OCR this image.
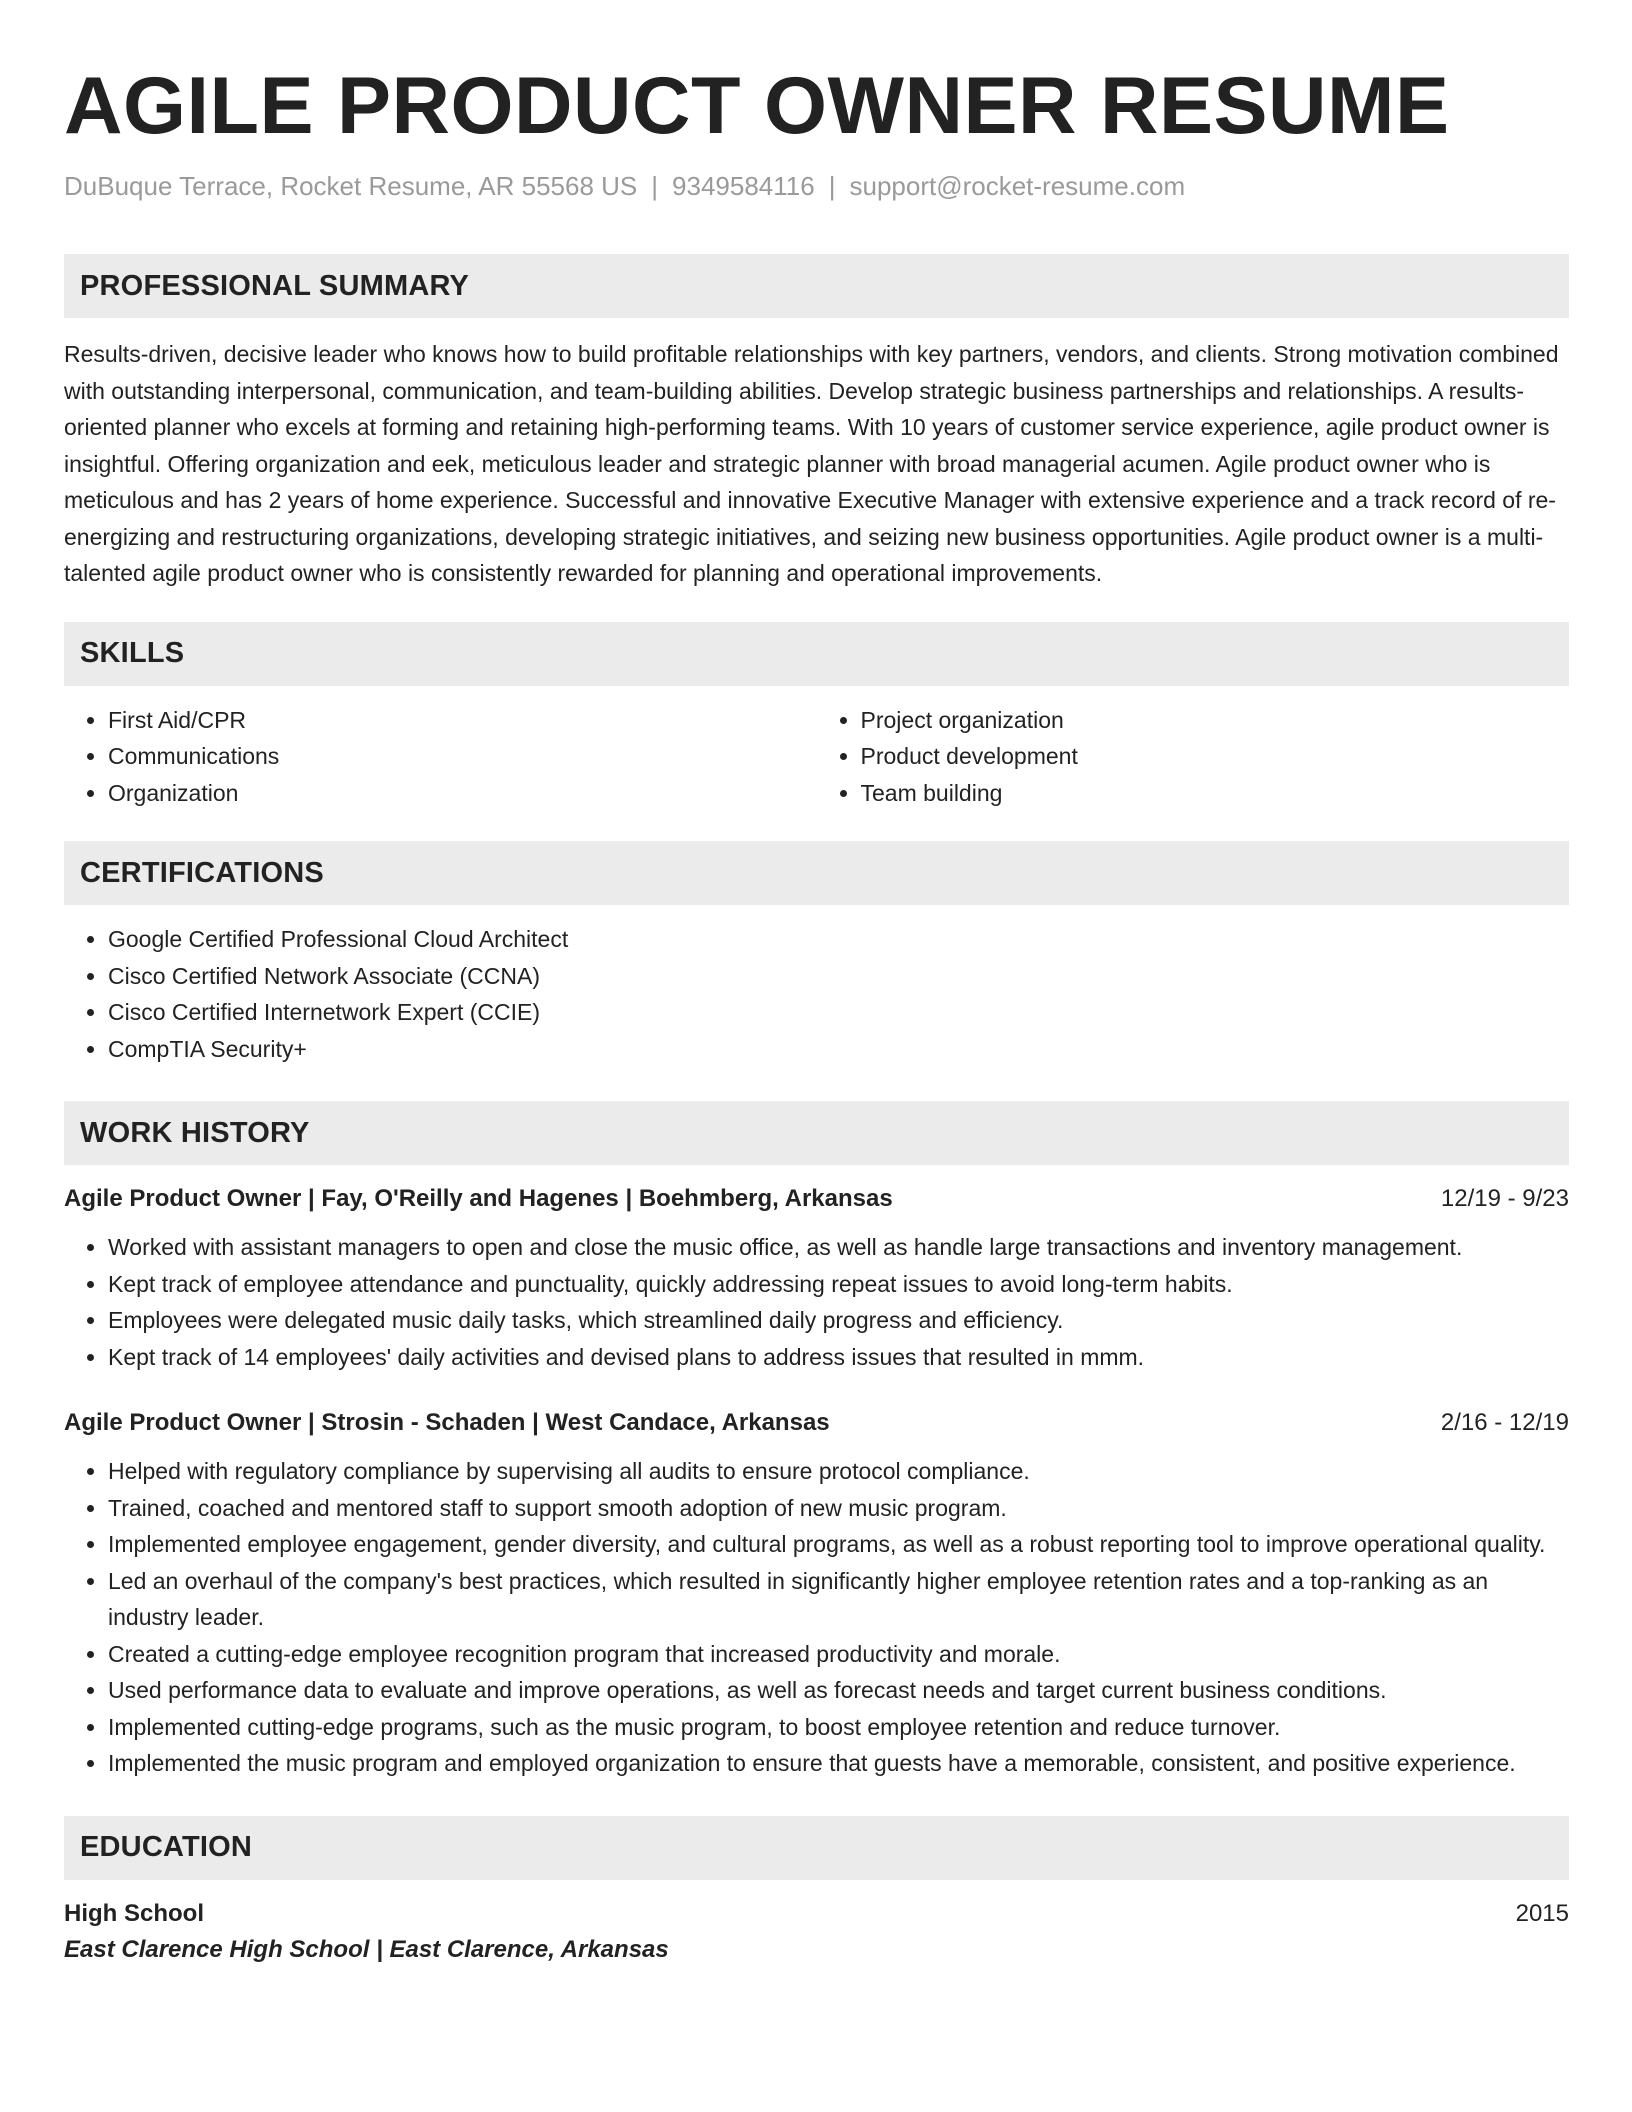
AGILE PRODUCT OWNER RESUME
DuBuque Terrace, Rocket Resume, AR 55568 US | 9349584116 | support@rocket-resume.com
PROFESSIONAL SUMMARY

Results-driven, decisive leader who knows how to build profitable relationships with key partners, vendors, and clients. Strong motivation combined with outstanding interpersonal, communication, and team-building abilities. Develop strategic business partnerships and relationships. A results-oriented planner who excels at forming and retaining high-performing teams. With 10 years of customer service experience, agile product owner is insightful. Offering organization and eek, meticulous leader and strategic planner with broad managerial acumen. Agile product owner who is meticulous and has 2 years of home experience. Successful and innovative Executive Manager with extensive experience and a track record of re-energizing and restructuring organizations, developing strategic initiatives, and seizing new business opportunities. Agile product owner is a multi-talented agile product owner who is consistently rewarded for planning and operational improvements.

SKILLS
• First Aid/CPR
• Communications
• Organization
• Project organization
• Product development
• Team building
CERTIFICATIONS
• Google Certified Professional Cloud Architect
• Cisco Certified Network Associate (CCNA)
• Cisco Certified Internetwork Expert (CCIE)
• CompTIA Security+
WORK HISTORY
Agile Product Owner | Fay, O'Reilly and Hagenes | Boehmberg, Arkansas	12/19 - 9/23
• Worked with assistant managers to open and close the music office, as well as handle large transactions and inventory management.
• Kept track of employee attendance and punctuality, quickly addressing repeat issues to avoid long-term habits.
• Employees were delegated music daily tasks, which streamlined daily progress and efficiency.
• Kept track of 14 employees' daily activities and devised plans to address issues that resulted in mmm.
Agile Product Owner | Strosin - Schaden | West Candace, Arkansas	2/16 - 12/19
• Helped with regulatory compliance by supervising all audits to ensure protocol compliance.
• Trained, coached and mentored staff to support smooth adoption of new music program.
• Implemented employee engagement, gender diversity, and cultural programs, as well as a robust reporting tool to improve operational quality.
• Led an overhaul of the company's best practices, which resulted in significantly higher employee retention rates and a top-ranking as an industry leader.
• Created a cutting-edge employee recognition program that increased productivity and morale.
• Used performance data to evaluate and improve operations, as well as forecast needs and target current business conditions.
• Implemented cutting-edge programs, such as the music program, to boost employee retention and reduce turnover.
• Implemented the music program and employed organization to ensure that guests have a memorable, consistent, and positive experience.
EDUCATION
High School	2015
East Clarence High School | East Clarence, Arkansas
